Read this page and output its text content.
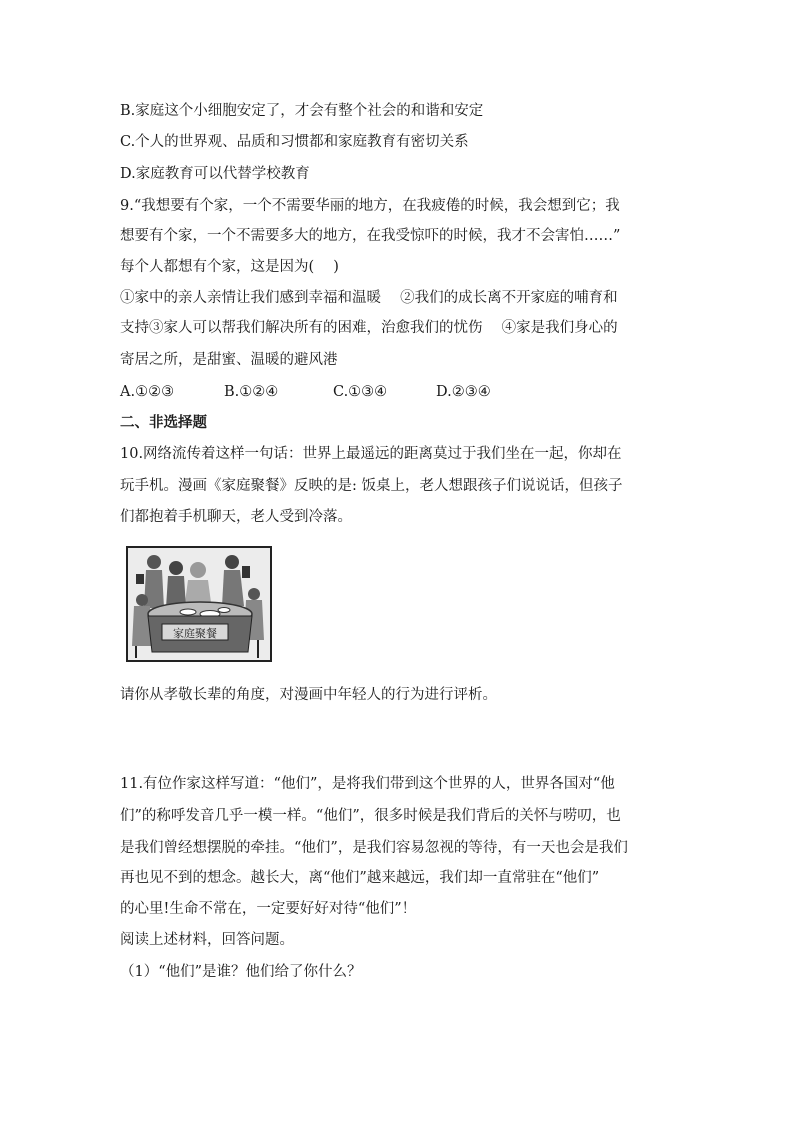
B.家庭这个小细胞安定了，才会有整个社会的和谐和安定
C.个人的世界观、品质和习惯都和家庭教育有密切关系
D.家庭教育可以代替学校教育
9.“我想要有个家，一个不需要华丽的地方，在我疲倦的时候，我会想到它；我
想要有个家，一个不需要多大的地方，在我受惊吓的时候，我才不会害怕……”
每个人都想有个家，这是因为(　 )
①家中的亲人亲情让我们感到幸福和温暖　 ②我们的成长离不开家庭的哺育和
支持③家人可以帮我们解决所有的困难，治愈我们的忧伤　 ④家是我们身心的
寄居之所，是甜蜜、温暖的避风港
A.①②③	B.①②④	C.①③④	D.②③④
二、非选择题
10.网络流传着这样一句话：世界上最遥远的距离莫过于我们坐在一起，你却在
玩手机。漫画《家庭聚餐》反映的是: 饭桌上，老人想跟孩子们说说话，但孩子
们都抱着手机聊天，老人受到冷落。
家庭聚餐
请你从孝敬长辈的角度，对漫画中年轻人的行为进行评析。
11.有位作家这样写道：“他们”，是将我们带到这个世界的人，世界各国对“他
们”的称呼发音几乎一模一样。“他们”，很多时候是我们背后的关怀与唠叨，也
是我们曾经想摆脱的牵挂。“他们”，是我们容易忽视的等待，有一天也会是我们
再也见不到的想念。越长大，离“他们”越来越远，我们却一直常驻在“他们”
的心里!生命不常在，一定要好好对待“他们”！
阅读上述材料，回答问题。
（1）“他们”是谁？他们给了你什么？
